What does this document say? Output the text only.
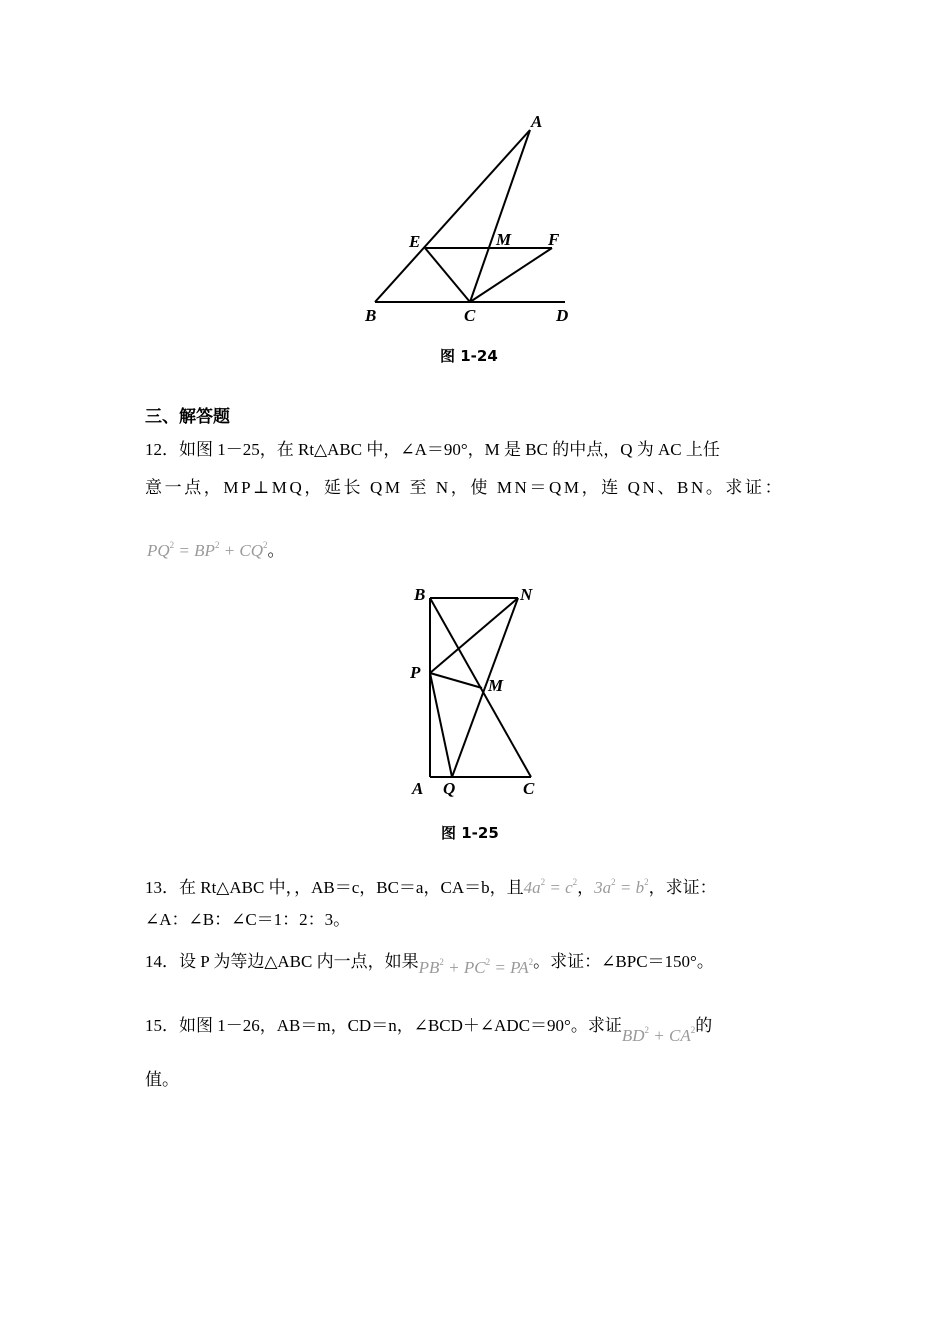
A
B	C	D
E	F
M
图 1-24
三、解答题
12．如图 1－25，在 Rt△ABC 中，∠A＝90°，M 是 BC 的中点，Q 为 AC 上任
意一点，MP⊥MQ，延长 QM 至 N，使 MN＝QM，连 QN、BN。求证：
$PQ^2 = BP^2 + CQ^2$。
B	N
P
M
A Q	C
图 1-25
13．在 Rt△ABC 中，，AB＝c，BC＝a，CA＝b，且$4a^2 = c^2$，$3a^2 = b^2$，求证：
∠A：∠B：∠C＝1：2：3。
14．设 P 为等边△ABC 内一点，如果$PB^2 + PC^2 = PA^2$。求证：∠BPC＝150°。
15．如图 1－26，AB＝m，CD＝n，∠BCD＋∠ADC＝90°。求证$BD^2 + CA^2$的
值。
